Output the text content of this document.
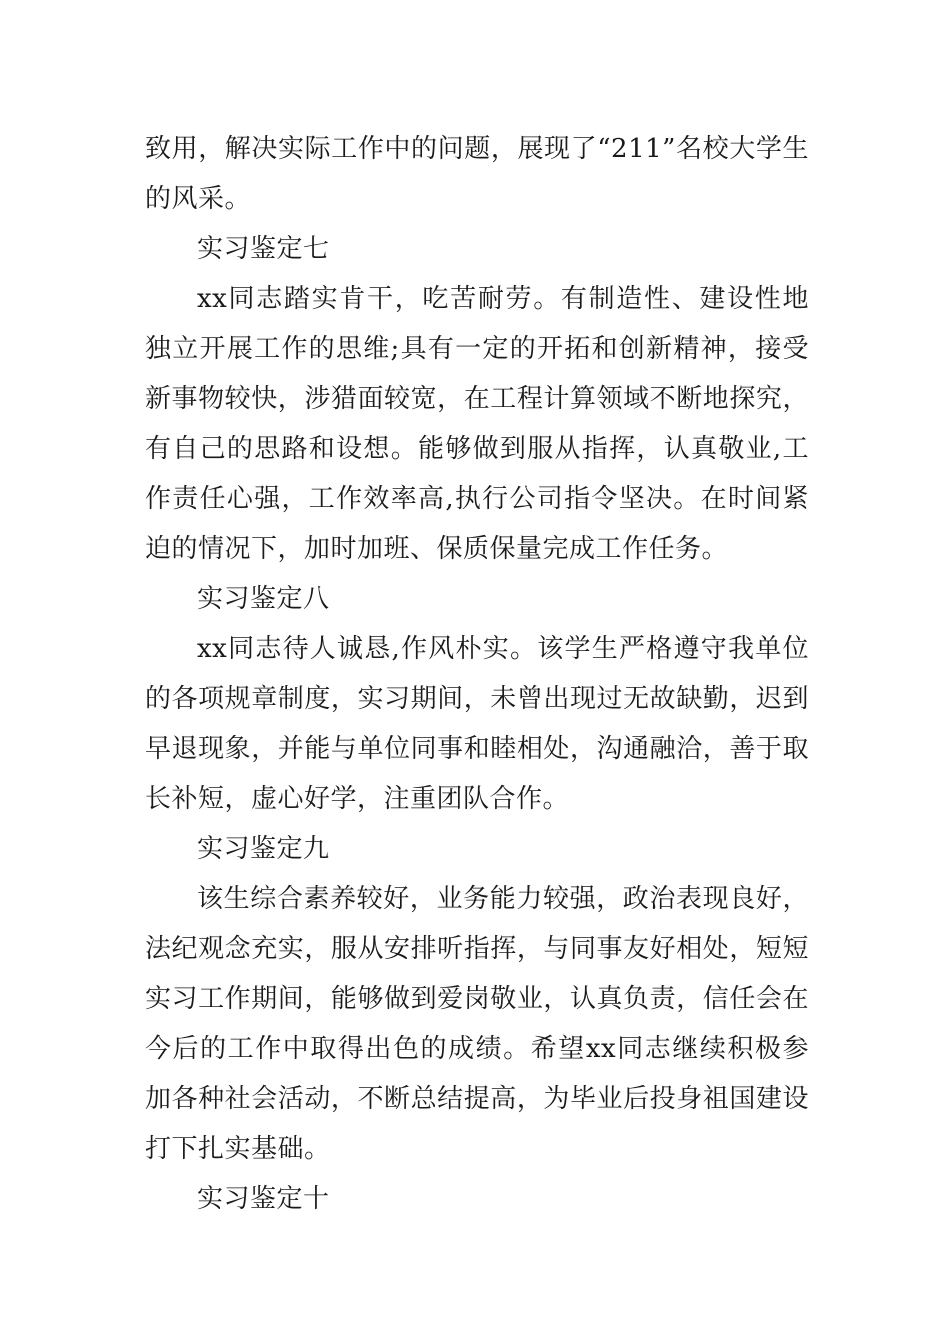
致用，解决实际工作中的问题，展现了“211”名校大学生的风采。

实习鉴定七

xx同志踏实肯干，吃苦耐劳。有制造性、建设性地独立开展工作的思维;具有一定的开拓和创新精神，接受新事物较快，涉猎面较宽，在工程计算领域不断地探究，有自己的思路和设想。能够做到服从指挥，认真敬业,工作责任心强，工作效率高,执行公司指令坚决。在时间紧迫的情况下，加时加班、保质保量完成工作任务。

实习鉴定八

xx同志待人诚恳,作风朴实。该学生严格遵守我单位的各项规章制度，实习期间，未曾出现过无故缺勤，迟到早退现象，并能与单位同事和睦相处，沟通融洽，善于取长补短，虚心好学，注重团队合作。

实习鉴定九

该生综合素养较好，业务能力较强，政治表现良好，法纪观念充实，服从安排听指挥，与同事友好相处，短短实习工作期间，能够做到爱岗敬业，认真负责，信任会在今后的工作中取得出色的成绩。希望xx同志继续积极参加各种社会活动，不断总结提高，为毕业后投身祖国建设打下扎实基础。

实习鉴定十
